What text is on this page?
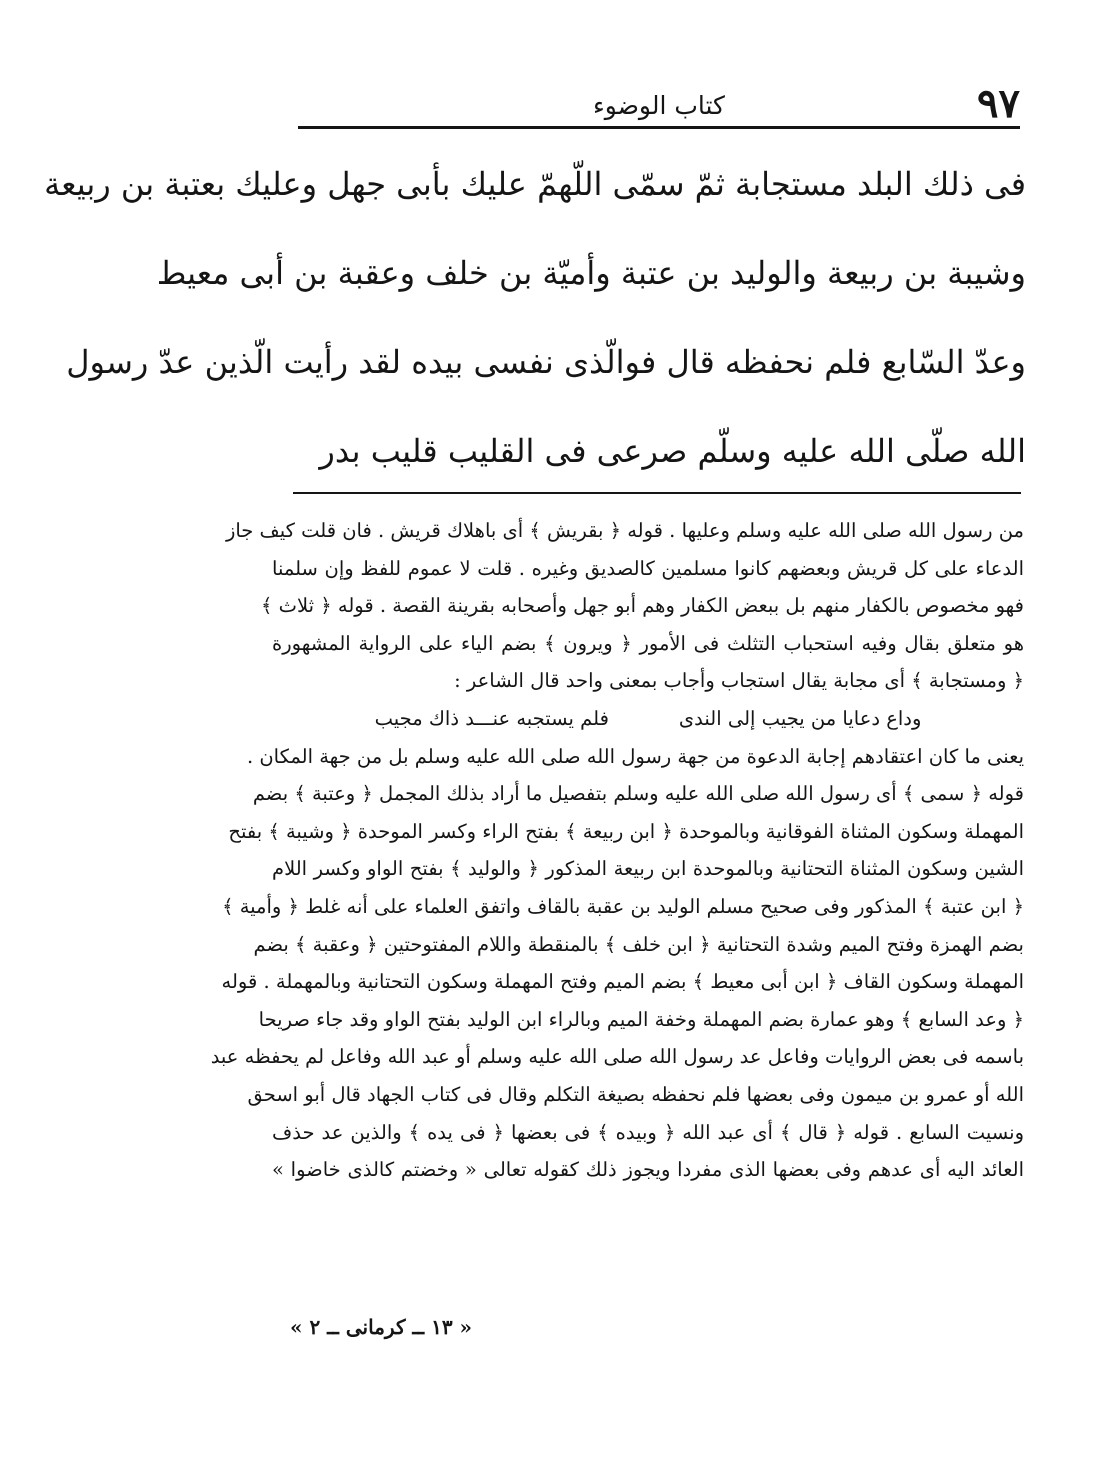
٩٧
كتاب الوضوء
فى ذلك البلد مستجابة ثمّ سمّى اللّهمّ عليك بأبى جهل وعليك بعتبة بن ربيعة
وشيبة بن ربيعة والوليد بن عتبة وأميّة بن خلف وعقبة بن أبى معيط
وعدّ السّابع فلم نحفظه قال فوالّذى نفسى بيده لقد رأيت الّذين عدّ رسول
الله صلّى الله عليه وسلّم صرعى فى القليب قليب بدر
من رسول الله صلى الله عليه وسلم وعليها . قوله ﴿ بقريش ﴾ أى باهلاك قريش . فان قلت كيف جاز
الدعاء على كل قريش وبعضهم كانوا مسلمين كالصديق وغيره . قلت لا عموم للفظ وإن سلمنا
فهو مخصوص بالكفار منهم بل ببعض الكفار وهم أبو جهل وأصحابه بقرينة القصة . قوله ﴿ ثلاث ﴾
هو متعلق بقال وفيه استحباب التثلث فى الأمور ﴿ ويرون ﴾ بضم الياء على الرواية المشهورة
﴿ ومستجابة ﴾ أى مجابة يقال استجاب وأجاب بمعنى واحد قال الشاعر :
وداع دعايا من يجيب إلى الندىفلم يستجبه عنـــد ذاك مجيب
يعنى ما كان اعتقادهم إجابة الدعوة من جهة رسول الله صلى الله عليه وسلم بل من جهة المكان .
قوله ﴿ سمى ﴾ أى رسول الله صلى الله عليه وسلم بتفصيل ما أراد بذلك المجمل ﴿ وعتبة ﴾ بضم
المهملة وسكون المثناة الفوقانية وبالموحدة ﴿ ابن ربيعة ﴾ بفتح الراء وكسر الموحدة ﴿ وشيبة ﴾ بفتح
الشين وسكون المثناة التحتانية وبالموحدة ابن ربيعة المذكور ﴿ والوليد ﴾ بفتح الواو وكسر اللام
﴿ ابن عتبة ﴾ المذكور وفى صحيح مسلم الوليد بن عقبة بالقاف واتفق العلماء على أنه غلط ﴿ وأمية ﴾
بضم الهمزة وفتح الميم وشدة التحتانية ﴿ ابن خلف ﴾ بالمنقطة واللام المفتوحتين ﴿ وعقبة ﴾ بضم
المهملة وسكون القاف ﴿ ابن أبى معيط ﴾ بضم الميم وفتح المهملة وسكون التحتانية وبالمهملة . قوله
﴿ وعد السابع ﴾ وهو عمارة بضم المهملة وخفة الميم وبالراء ابن الوليد بفتح الواو وقد جاء صريحا
باسمه فى بعض الروايات وفاعل عد رسول الله صلى الله عليه وسلم أو عبد الله وفاعل لم يحفظه عبد
الله أو عمرو بن ميمون وفى بعضها فلم نحفظه بصيغة التكلم وقال فى كتاب الجهاد قال أبو اسحق
ونسيت السابع . قوله ﴿ قال ﴾ أى عبد الله ﴿ وبيده ﴾ فى بعضها ﴿ فى يده ﴾ والذين عد حذف
العائد اليه أى عدهم وفى بعضها الذى مفردا ويجوز ذلك كقوله تعالى « وخضتم كالذى خاضوا »
« ١٣ ــ كرمانى ــ ٢ »
